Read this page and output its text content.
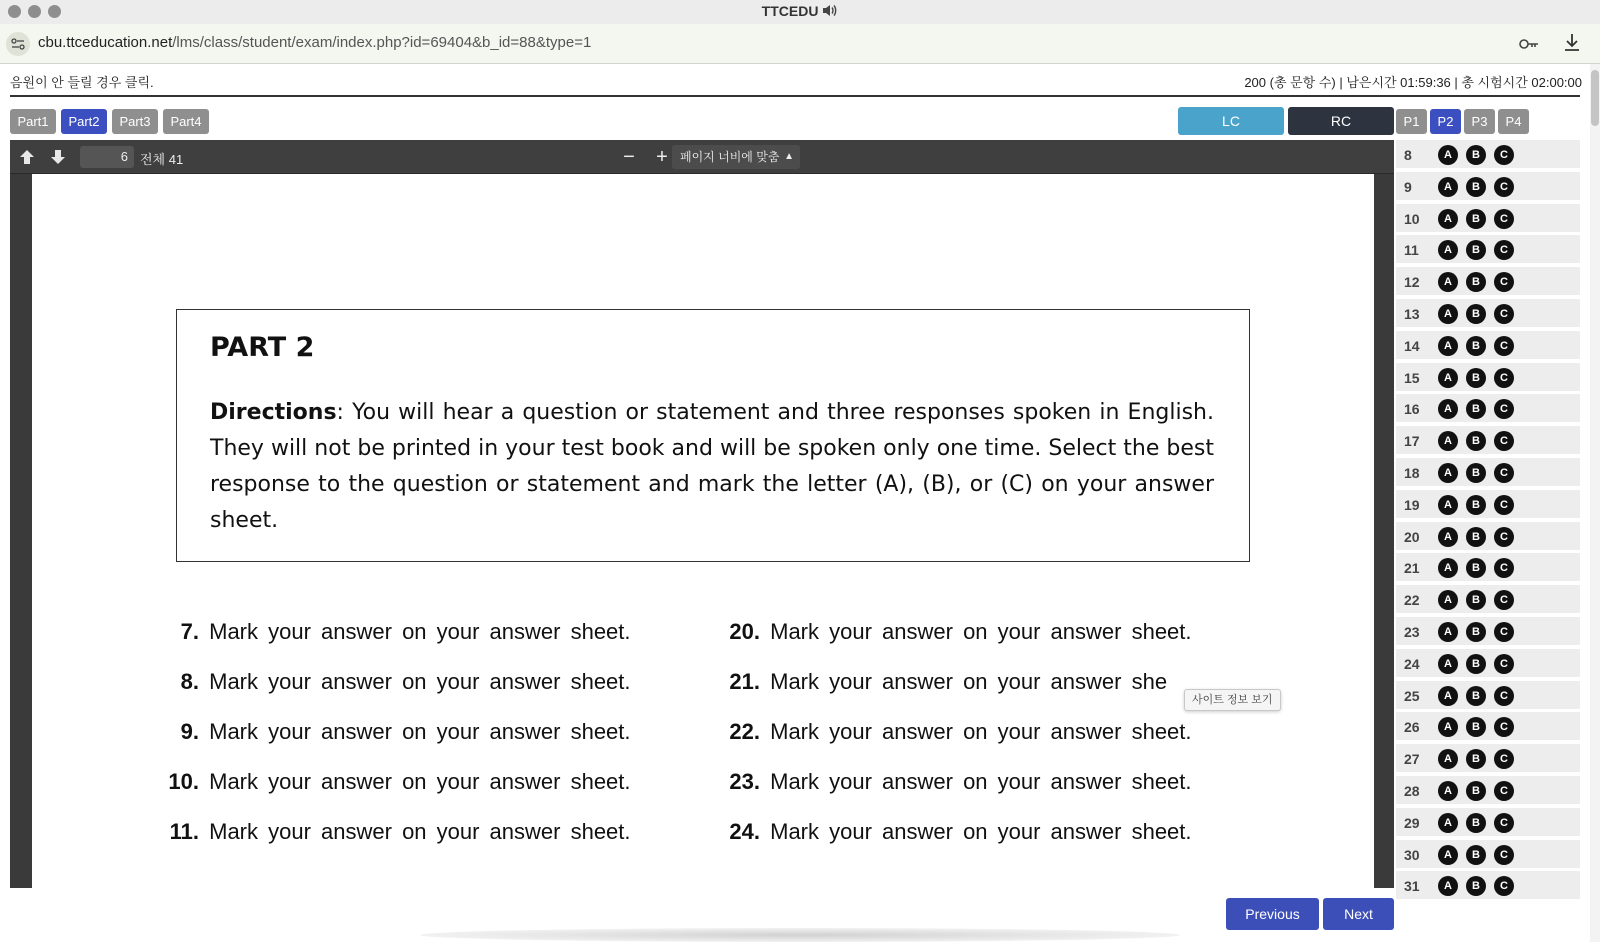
TTCEDU
cbu.ttceducation.net/lms/class/student/exam/index.php?id=69404&b_id=88&type=1
음원이 안 들릴 경우 클릭.	200 (총 문항 수) | 남은시간 01:59:36 | 총 시험시간 02:00:00
Part1	Part2	Part3	Part4	LC	RC	P1	P2	P3	P4
6 전체 41	− +	페이지 너비에 맞춤 ▲

PART 2
Directions: You will hear a question or statement and three responses spoken in English. They will not be printed in your test book and will be spoken only one time. Select the best response to the question or statement and mark the letter (A), (B), or (C) on your answer sheet.
7. Mark your answer on your answer sheet.
8. Mark your answer on your answer sheet.
9. Mark your answer on your answer sheet.
10. Mark your answer on your answer sheet.
11. Mark your answer on your answer sheet.
20. Mark your answer on your answer sheet.
21. Mark your answer on your answer she
22. Mark your answer on your answer sheet.
23. Mark your answer on your answer sheet.
24. Mark your answer on your answer sheet.
사이트 정보 보기
8	A	B	C
9	A	B	C
10	A	B	C
11	A	B	C
12	A	B	C
13	A	B	C
14	A	B	C
15	A	B	C
16	A	B	C
17	A	B	C
18	A	B	C
19	A	B	C
20	A	B	C
21	A	B	C
22	A	B	C
23	A	B	C
24	A	B	C
25	A	B	C
26	A	B	C
27	A	B	C
28	A	B	C
29	A	B	C
30	A	B	C
31	A	B	C
Previous	Next
